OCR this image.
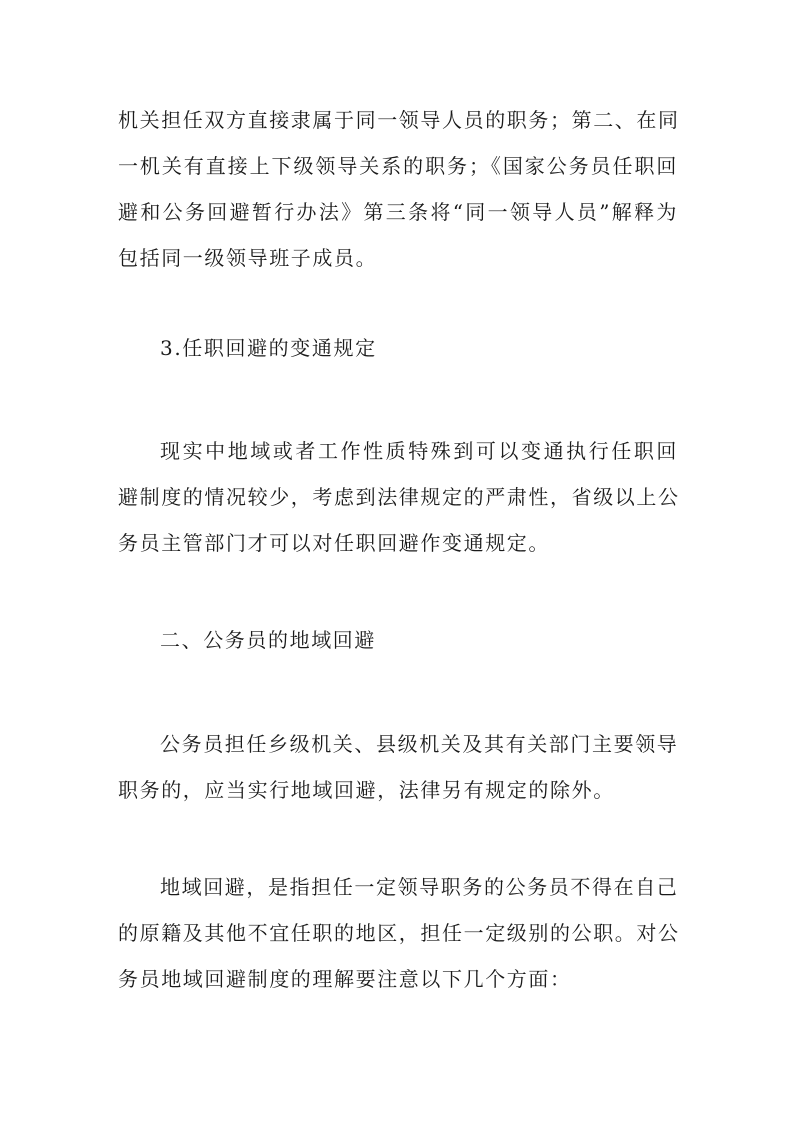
机关担任双方直接隶属于同一领导人员的职务；第二、在同
一机关有直接上下级领导关系的职务；《国家公务员任职回
避和公务回避暂行办法》第三条将“同一领导人员”解释为
包括同一级领导班子成员。
3.任职回避的变通规定
现实中地域或者工作性质特殊到可以变通执行任职回
避制度的情况较少，考虑到法律规定的严肃性，省级以上公
务员主管部门才可以对任职回避作变通规定。
二、公务员的地域回避
公务员担任乡级机关、县级机关及其有关部门主要领导
职务的，应当实行地域回避，法律另有规定的除外。
地域回避，是指担任一定领导职务的公务员不得在自己
的原籍及其他不宜任职的地区，担任一定级别的公职。对公
务员地域回避制度的理解要注意以下几个方面：
